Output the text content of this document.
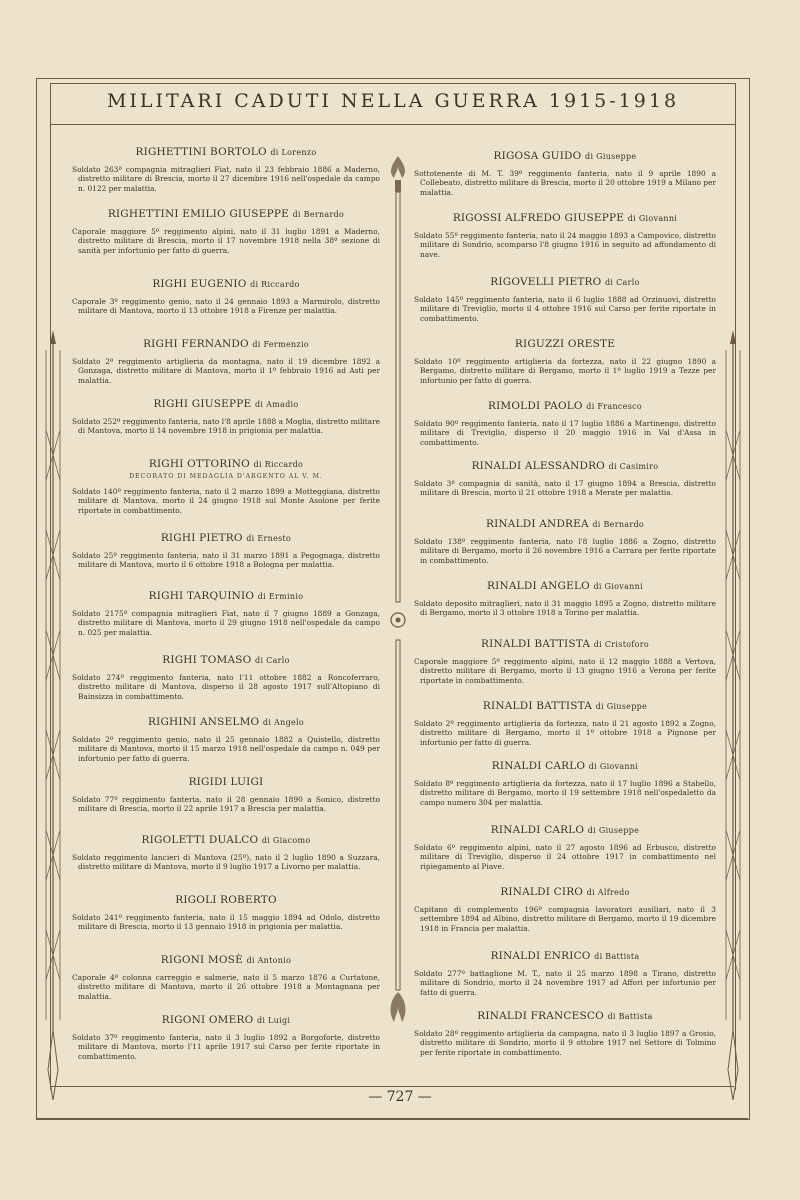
MILITARI CADUTI NELLA GUERRA 1915-1918
RIGHETTINI BORTOLO di Lorenzo
Soldato 263ª compagnia mitraglieri Fiat, nato il 23 febbraio 1886 a Maderno, distretto militare di Brescia, morto il 27 dicembre 1916 nell'ospedale da campo n. 0122 per malattia.
RIGHETTINI EMILIO GIUSEPPE di Bernardo
Caporale maggiore 5º reggimento alpini, nato il 31 luglio 1891 a Maderno, distretto militare di Brescia, morto il 17 novembre 1918 nella 38ª sezione di sanità per infortunio per fatto di guerra.
RIGHI EUGENIO di Riccardo
Caporale 3º reggimento genio, nato il 24 gennaio 1893 a Marmirolo, distretto militare di Mantova, morto il 13 ottobre 1918 a Firenze per malattia.
RIGHI FERNANDO di Fermenzio
Soldato 2º reggimento artiglieria da montagna, nato il 19 dicembre 1892 a Gonzaga, distretto militare di Mantova, morto il 1º febbraio 1916 ad Asti per malattia.
RIGHI GIUSEPPE di Amadio
Soldato 252º reggimento fanteria, nato l'8 aprile 1888 a Moglia, distretto militare di Mantova, morto il 14 novembre 1918 in prigionia per malattia.
RIGHI OTTORINO di Riccardo
DECORATO DI MEDAGLIA D'ARGENTO AL V. M.
Soldato 140º reggimento fanteria, nato il 2 marzo 1899 a Motteggiana, distretto militare di Mantova, morto il 24 giugno 1918 sul Monte Asolone per ferite riportate in combattimento.
RIGHI PIETRO di Ernesto
Soldato 25º reggimento fanteria, nato il 31 marzo 1891 a Pegognaga, distretto militare di Mantova, morto il 6 ottobre 1918 a Bologna per malattia.
RIGHI TARQUINIO di Erminio
Soldato 2175ª compagnia mitraglieri Fiat, nato il 7 giugno 1889 a Gonzaga, distretto militare di Mantova, morto il 29 giugno 1918 nell'ospedale da campo n. 025 per malattia.
RIGHI TOMASO di Carlo
Soldato 274º reggimento fanteria, nato l'11 ottobre 1882 a Roncoferraro, distretto militare di Mantova, disperso il 28 agosto 1917 sull'Altopiano di Bainsizza in combattimento.
RIGHINI ANSELMO di Angelo
Soldato 2º reggimento genio, nato il 25 gennaio 1882 a Quistello, distretto militare di Mantova, morto il 15 marzo 1918 nell'ospedale da campo n. 049 per infortunio per fatto di guerra.
RIGIDI LUIGI
Soldato 77º reggimento fanteria, nato il 28 gennaio 1890 a Sonico, distretto militare di Brescia, morto il 22 aprile 1917 a Brescia per malattia.
RIGOLETTI DUALCO di Giacomo
Soldato reggimento lancieri di Mantova (25º), nato il 2 luglio 1890 a Suzzara, distretto militare di Mantova, morto il 9 luglio 1917 a Livorno per malattia.
RIGOLI ROBERTO
Soldato 241º reggimento fanteria, nato il 15 maggio 1894 ad Odolo, distretto militare di Brescia, morto il 13 gennaio 1918 in prigionia per malattia.
RIGONI MOSÈ di Antonio
Caporale 4ª colonna carreggio e salmerie, nato il 5 marzo 1876 a Curtatone, distretto militare di Mantova, morto il 26 ottobre 1918 a Montagnana per malattia.
RIGONI OMERO di Luigi
Soldato 37º reggimento fanteria, nato il 3 luglio 1892 a Borgoforte, distretto militare di Mantova, morto l'11 aprile 1917 sul Carso per ferite riportate in combattimento.
RIGOSA GUIDO di Giuseppe
Sottotenente di M. T. 39º reggimento fanteria, nato il 9 aprile 1890 a Collebeato, distretto militare di Brescia, morto il 20 ottobre 1919 a Milano per malattia.
RIGOSSI ALFREDO GIUSEPPE di Giovanni
Soldato 55º reggimento fanteria, nato il 24 maggio 1893 a Campovico, distretto militare di Sondrio, scomparso l'8 giugno 1916 in seguito ad affondamento di nave.
RIGOVELLI PIETRO di Carlo
Soldato 145º reggimento fanteria, nato il 6 luglio 1888 ad Orzinuovi, distretto militare di Treviglio, morto il 4 ottobre 1916 sul Carso per ferite riportate in combattimento.
RIGUZZI ORESTE
Soldato 10º reggimento artiglieria da fortezza, nato il 22 giugno 1890 a Bergamo, distretto militare di Bergamo, morto il 1º luglio 1919 a Tezze per infortunio per fatto di guerra.
RIMOLDI PAOLO di Francesco
Soldato 90º reggimento fanteria, nato il 17 luglio 1886 a Martinengo, distretto militare di Treviglio, disperso il 20 maggio 1916 in Val d'Assa in combattimento.
RINALDI ALESSANDRO di Casimiro
Soldato 3ª compagnia di sanità, nato il 17 giugno 1894 a Brescia, distretto militare di Brescia, morto il 21 ottobre 1918 a Merate per malattia.
RINALDI ANDREA di Bernardo
Soldato 138º reggimento fanteria, nato l'8 luglio 1886 a Zogno, distretto militare di Bergamo, morto il 26 novembre 1916 a Carrara per ferite riportate in combattimento.
RINALDI ANGELO di Giovanni
Soldato deposito mitraglieri, nato il 31 maggio 1895 a Zogno, distretto militare di Bergamo, morto il 3 ottobre 1918 a Torino per malattia.
RINALDI BATTISTA di Cristoforo
Caporale maggiore 5º reggimento alpini, nato il 12 maggio 1888 a Vertova, distretto militare di Bergamo, morto il 13 giugno 1916 a Verona per ferite riportate in combattimento.
RINALDI BATTISTA di Giuseppe
Soldato 2º reggimento artiglieria da fortezza, nato il 21 agosto 1892 a Zogno, distretto militare di Bergamo, morto il 1º ottobre 1918 a Pignone per infortunio per fatto di guerra.
RINALDI CARLO di Giovanni
Soldato 8º reggimento artiglieria da fortezza, nato il 17 luglio 1896 a Stabello, distretto militare di Bergamo, morto il 19 settembre 1918 nell'ospedaletto da campo numero 304 per malattia.
RINALDI CARLO di Giuseppe
Soldato 6º reggimento alpini, nato il 27 agosto 1896 ad Erbusco, distretto militare di Treviglio, disperso il 24 ottobre 1917 in combattimento nel ripiegamento al Piave.
RINALDI CIRO di Alfredo
Capitano di complemento 196ª compagnia lavoratori ausiliari, nato il 3 settembre 1894 ad Albino, distretto militare di Bergamo, morto il 19 dicembre 1918 in Francia per malattia.
RINALDI ENRICO di Battista
Soldato 277º battaglione M. T., nato il 25 marzo 1898 a Tirano, distretto militare di Sondrio, morto il 24 novembre 1917 ad Affori per infortunio per fatto di guerra.
RINALDI FRANCESCO di Battista
Soldato 28º reggimento artiglieria da campagna, nato il 3 luglio 1897 a Grosio, distretto militare di Sondrio, morto il 9 ottobre 1917 nel Settore di Tolmino per ferite riportate in combattimento.
— 727 —
